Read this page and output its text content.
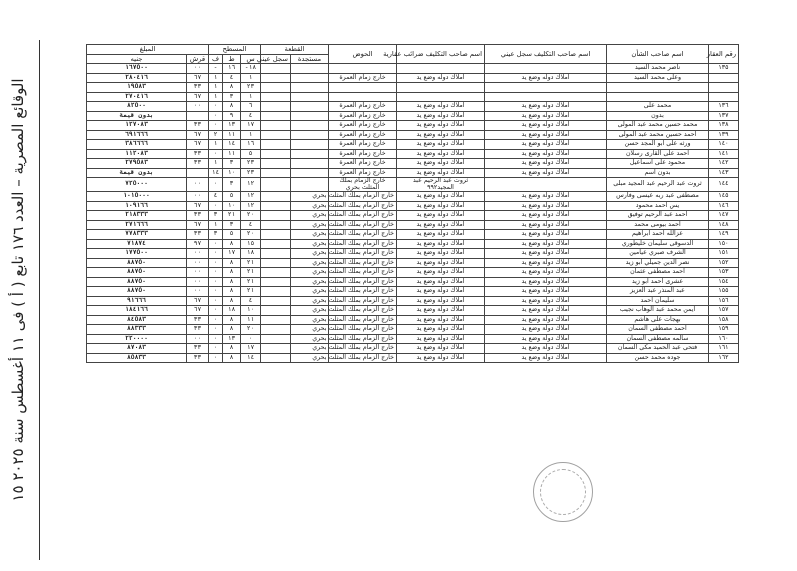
الوقائع المصرية – العدد ١٧٦ تابع ( أ ) فى ١١ أغسطس سنة ٢٠٢٥ ١٥
رقم العقار	اسم صاحب الشأن	اسم صاحب التكليف سجل عيني	اسم صاحب التكليف ضرائب عقارية	الحوض	القطعة		المسطح			المبلغ	
					مستجدة	سجل عيني	س	ط	ف	قرش	جنيه
١٣٥	ناصر محمد السيد						١٨-	١٦	-	٠٠	١٦٧٥٠٠
	وعلى محمد السيد	املاك دوله وضع يد	املاك دوله وضع يد	خارج زمام العمرة			١	٤	١	٦٧	٢٨٠٤١٦
							٢٣	٨	١	٣٣	١٩٥٨٣
							١	٣	١	٦٧	٢٧٠٤١٦
١٣٦	محمد على	املاك دوله وضع يد	املاك دوله وضع يد	خارج زمام العمرة			٦	٨	٠	٠٠	٨٢٥٠٠
١٣٧	بدون	املاك دوله وضع يد	املاك دوله وضع يد	خارج زمام العمرة			٤	٩	٠		بدون قيمة
١٣٨	محمد حسين محمد عبد المولى	املاك دوله وضع يد	املاك دوله وضع يد	خارج زمام العمرة			١٧	١٣	٠	٣٣	١٢٧٠٨٣
١٣٩	احمد حسين محمد عبد المولى	املاك دوله وضع يد	املاك دوله وضع يد	خارج زمام العمرة			١	١١	٢	٦٧	٦٩١٦٦٦
١٤٠	ورثه على ابو المجد حسن	املاك دوله وضع يد	املاك دوله وضع يد	خارج زمام العمرة			١٦	١٤	١	٦٧	٣٨٦٦٦٦
١٤١	احمد على القارى رسلان	املاك دوله وضع يد	املاك دوله وضع يد	خارج زمام العمرة			٥	١١	٠	٣٣	١١٢٠٨٣
١٤٢	محمود على اسماعيل	املاك دوله وضع يد	املاك دوله وضع يد	خارج زمام العمرة			٢٣	٣	١	٣٣	٢٧٩٥٨٣
١٤٣	بدون اسم	املاك دوله وضع يد	املاك دوله وضع يد	خارج زمام العمرة			٢٣	١٠	١٤		بدون قيمة
١٤٤	ثروت عبد الرحيم عبد المجيد مبلى		ثروت عبد الرحيم عبد المجيد٩٩٢	خارج الزمام بملك المثلث بحري			١٢	٣	٠	٠٠	٧٢٥٠٠٠
١٤٥	مصطفى عبد ربه عيسى وفارس	املاك دولة وضع يد	املاك دولة وضع يد	خارج الزمام بملك المثلث بحري			١٢	٥	٤	٠٠	١٠١٥٠٠٠
١٤٦	يس احمد محمود	املاك دولة وضع يد	املاك دولة وضع يد	خارج الزمام بملك المثلث بحري			١٢	١٠	٠	٦٧	١٠٩١٦٦
١٤٧	احمد عبد الرحيم توفيق	املاك دولة وضع يد	املاك دولة وضع يد	خارج الزمام بملك المثلث بحري			٢٠	٢١	٣	٣٣	٢١٨٣٣٣
١٤٨	احمد بيومى محمد	املاك دولة وضع يد	املاك دولة وضع يد	خارج الزمام بملك المثلث بحري			٤	٣	١	٦٧	٢٧١٦٦٦
١٤٩	عزالله احمد ابراهيم	املاك دولة وضع يد	املاك دولة وضع يد	خارج الزمام بملك المثلث بحري			٢٠	٥	٣	٣٣	٧٧٨٣٣٣
١٥٠	الدسوقى سليمان خليطوري	املاك دولة وضع يد	املاك دولة وضع يد	خارج الزمام بملك المثلث بحري			١٥	٨	٠	٩٧	٧١٨٧٤
١٥١	الشرف صبري عيامين	املاك دولة وضع يد	املاك دولة وضع يد	خارج الزمام بملك المثلث بحري			١٨	١٧	٠	٠٠	١٧٧٥٠٠
١٥٢	نصر الدين جميلي ابو زيد	املاك دولة وضع يد	املاك دولة وضع يد	خارج الزمام بملك المثلث بحري			٢١	٨	٠	٠٠	٨٨٧٥٠
١٥٣	احمد مصطفى عثمان	املاك دولة وضع يد	املاك دولة وضع يد	خارج الزمام بملك المثلث بحري			٢١	٨	٠	٠٠	٨٨٧٥٠
١٥٤	عشرى احمد ابو زيد	املاك دولة وضع يد	املاك دولة وضع يد	خارج الزمام بملك المثلث بحري			٢١	٨	٠	٠٠	٨٨٧٥٠
١٥٥	عبد المنذر عبد العزيز	املاك دولة وضع يد	املاك دولة وضع يد	خارج الزمام بملك المثلث بحري			٢١	٨	٠	٠٠	٨٨٧٥٠
١٥٦	سليمان احمد	املاك دولة وضع يد	املاك دولة وضع يد	خارج الزمام بملك المثلث بحري			٤	٨	٠	٦٧	٩١٦٦٦
١٥٧	ايمن محمد عبد الوهاب نجيب	املاك دولة وضع يد	املاك دولة وضع يد	خارج الزمام بملك المثلث بحري			١٠	١٨	٠	٦٧	١٨٤١٦٦
١٥٨	بهجات على هاشم	املاك دولة وضع يد	املاك دولة وضع يد	خارج الزمام بملك المثلث بحري			١١	٨	٠	٣٣	٨٤٥٨٣
١٥٩	احمد مصطفى السمان	املاك دولة وضع يد	املاك دولة وضع يد	خارج الزمام بملك المثلث بحري			٢٠	٨	٠	٣٣	٨٨٣٣٣
١٦٠	سالمه مصطفى السمان	املاك دولة وضع يد	املاك دولة وضع يد	خارج الزمام بملك المثلث بحري			٠	١٣	٠	٠٠	٢٢٠٠٠٠
١٦١	فتحى عبد الحميد مكى السمان	املاك دولة وضع يد	املاك دولة وضع يد	خارج الزمام بملك المثلث بحري			١٧	٨	٠	٣٣	٨٧٠٨٣
١٦٢	جوده محمد حسن	املاك دولة وضع يد	املاك دولة وضع يد	خارج الزمام بملك المثلث بحري			١٤	٨	٠	٣٣	٨٥٨٣٣
